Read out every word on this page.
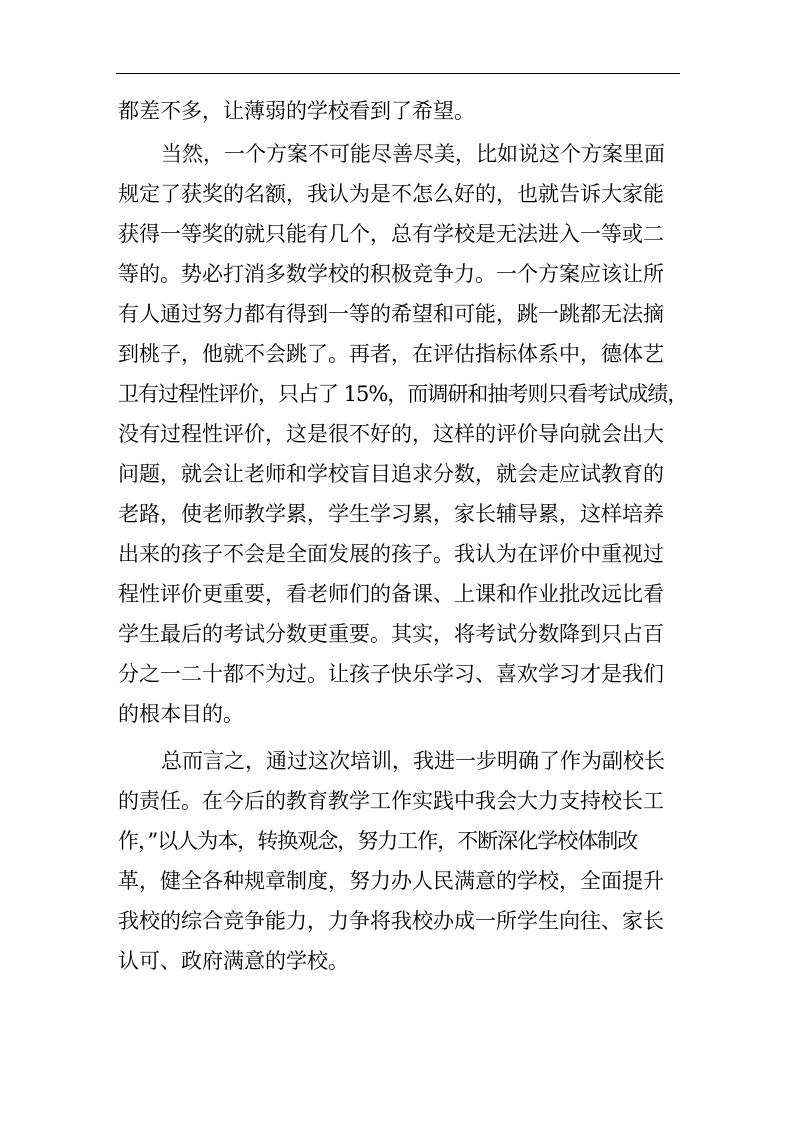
都差不多，让薄弱的学校看到了希望。
当然，一个方案不可能尽善尽美，比如说这个方案里面
规定了获奖的名额，我认为是不怎么好的，也就告诉大家能
获得一等奖的就只能有几个，总有学校是无法进入一等或二
等的。势必打消多数学校的积极竞争力。一个方案应该让所
有人通过努力都有得到一等的希望和可能，跳一跳都无法摘
到桃子，他就不会跳了。再者，在评估指标体系中，德体艺
卫有过程性评价，只占了 15%，而调研和抽考则只看考试成绩，
没有过程性评价，这是很不好的，这样的评价导向就会出大
问题，就会让老师和学校盲目追求分数，就会走应试教育的
老路，使老师教学累，学生学习累，家长辅导累，这样培养
出来的孩子不会是全面发展的孩子。我认为在评价中重视过
程性评价更重要，看老师们的备课、上课和作业批改远比看
学生最后的考试分数更重要。其实，将考试分数降到只占百
分之一二十都不为过。让孩子快乐学习、喜欢学习才是我们
的根本目的。
总而言之，通过这次培训，我进一步明确了作为副校长
的责任。在今后的教育教学工作实践中我会大力支持校长工
作，”以人为本，转换观念，努力工作，不断深化学校体制改
革，健全各种规章制度，努力办人民满意的学校，全面提升
我校的综合竞争能力，力争将我校办成一所学生向往、家长
认可、政府满意的学校。
